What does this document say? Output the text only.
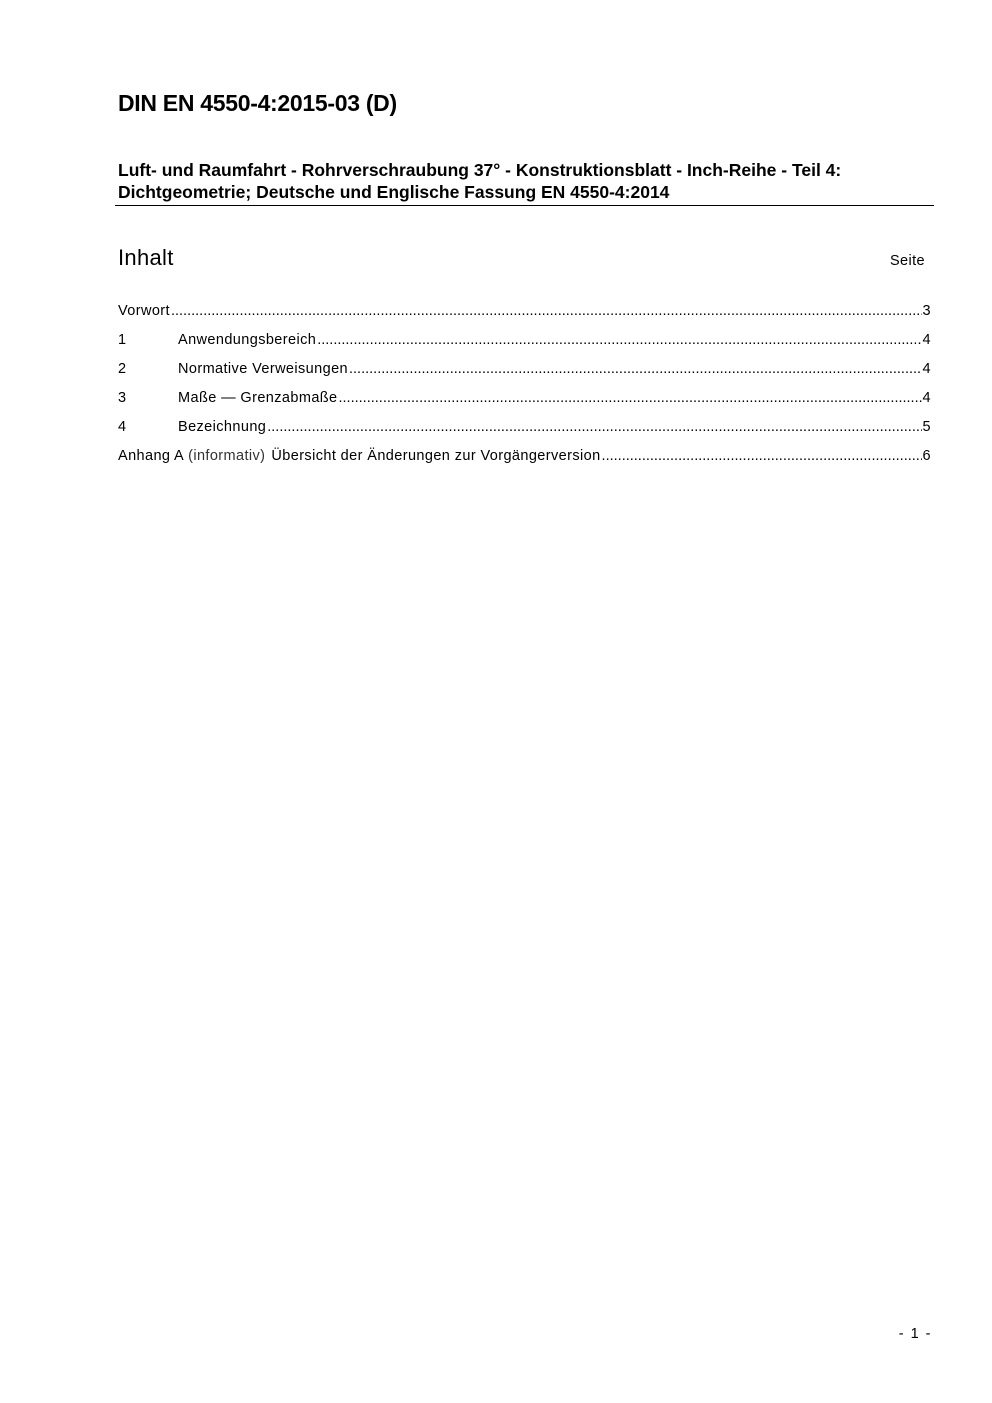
DIN EN 4550-4:2015-03 (D)
Luft- und Raumfahrt - Rohrverschraubung 37° - Konstruktionsblatt - Inch-Reihe - Teil 4: Dichtgeometrie; Deutsche und Englische Fassung EN 4550-4:2014
Inhalt	Seite
Vorwort .....	3
1	Anwendungsbereich .....	4
2	Normative Verweisungen .....	4
3	Maße — Grenzabmaße .....	4
4	Bezeichnung .....	5
Anhang A (informativ) Übersicht der Änderungen zur Vorgängerversion .....	6
- 1 -
